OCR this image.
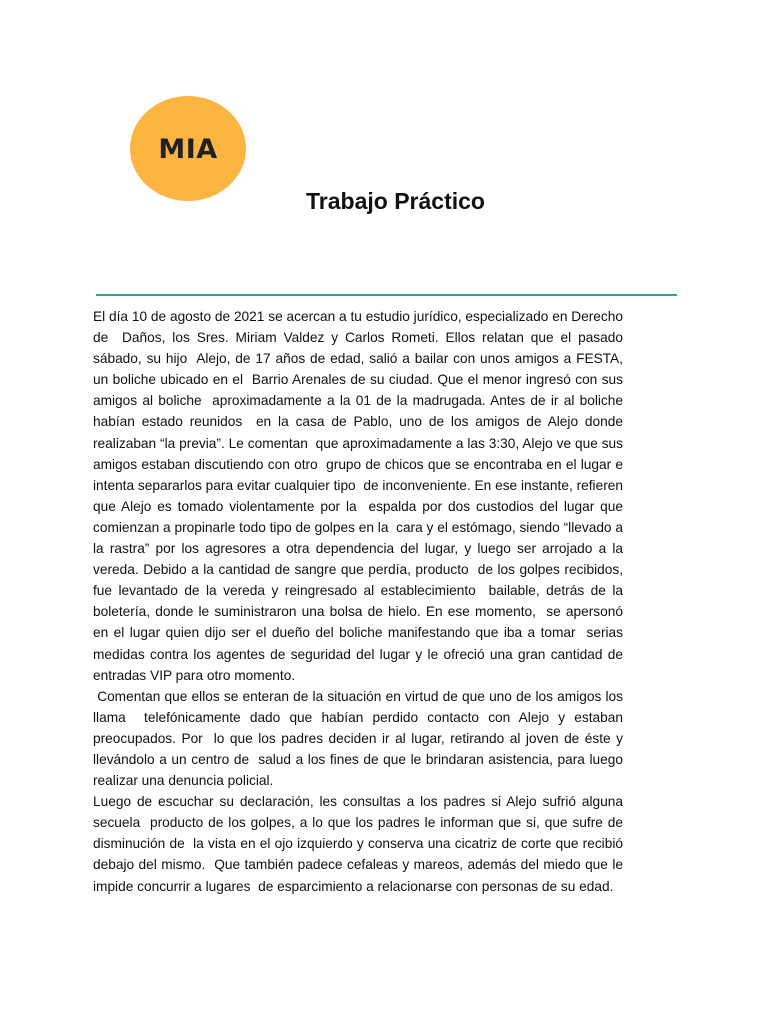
MIA
Trabajo Práctico

El día 10 de agosto de 2021 se acercan a tu estudio jurídico, especializado en Derecho de  Daños, los Sres. Miriam Valdez y Carlos Rometi. Ellos relatan que el pasado sábado, su hijo  Alejo, de 17 años de edad, salió a bailar con unos amigos a FESTA, un boliche ubicado en el  Barrio Arenales de su ciudad. Que el menor ingresó con sus amigos al boliche  aproximadamente a la 01 de la madrugada. Antes de ir al boliche habían estado reunidos  en la casa de Pablo, uno de los amigos de Alejo donde realizaban “la previa”. Le comentan  que aproximadamente a las 3:30, Alejo ve que sus amigos estaban discutiendo con otro  grupo de chicos que se encontraba en el lugar e intenta separarlos para evitar cualquier tipo  de inconveniente. En ese instante, refieren que Alejo es tomado violentamente por la  espalda por dos custodios del lugar que comienzan a propinarle todo tipo de golpes en la  cara y el estómago, siendo “llevado a la rastra” por los agresores a otra dependencia del lugar, y luego ser arrojado a la vereda. Debido a la cantidad de sangre que perdía, producto  de los golpes recibidos, fue levantado de la vereda y reingresado al establecimiento  bailable, detrás de la boletería, donde le suministraron una bolsa de hielo. En ese momento,  se apersonó en el lugar quien dijo ser el dueño del boliche manifestando que iba a tomar  serias medidas contra los agentes de seguridad del lugar y le ofreció una gran cantidad de  entradas VIP para otro momento.

Comentan que ellos se enteran de la situación en virtud de que uno de los amigos los llama  telefónicamente dado que habían perdido contacto con Alejo y estaban preocupados. Por  lo que los padres deciden ir al lugar, retirando al joven de éste y llevándolo a un centro de  salud a los fines de que le brindaran asistencia, para luego realizar una denuncia policial.

Luego de escuchar su declaración, les consultas a los padres si Alejo sufrió alguna secuela  producto de los golpes, a lo que los padres le informan que si, que sufre de disminución de  la vista en el ojo izquierdo y conserva una cicatriz de corte que recibió debajo del mismo.  Que también padece cefaleas y mareos, además del miedo que le impide concurrir a lugares  de esparcimiento a relacionarse con personas de su edad.
